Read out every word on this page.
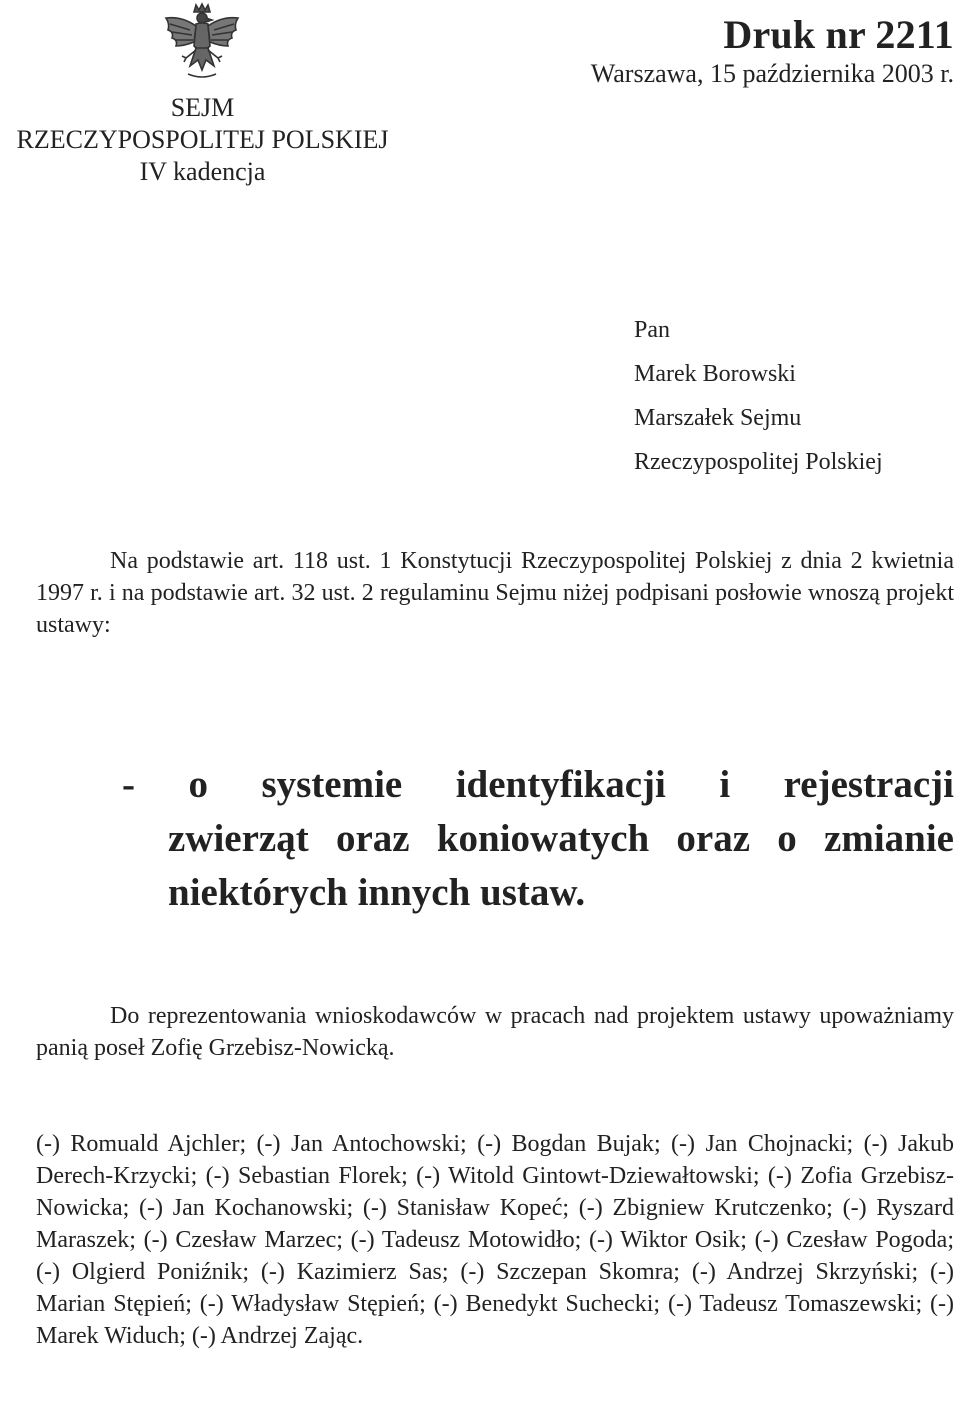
SEJM
RZECZYPOSPOLITEJ POLSKIEJ
IV kadencja
Druk nr 2211
Warszawa, 15 października 2003 r.
Pan
Marek Borowski
Marszałek Sejmu
Rzeczypospolitej Polskiej
Na podstawie art. 118 ust. 1 Konstytucji Rzeczypospolitej Polskiej z dnia 2 kwietnia 1997 r. i na podstawie art. 32 ust. 2 regulaminu Sejmu niżej podpisani posłowie wnoszą projekt ustawy:
- o systemie identyfikacji i rejestracji
zwierząt oraz koniowatych oraz o zmianie niektórych innych ustaw.
Do reprezentowania wnioskodawców w pracach nad projektem ustawy upoważniamy panią poseł Zofię Grzebisz-Nowicką.
(-) Romuald Ajchler; (-) Jan Antochowski; (-) Bogdan Bujak; (-) Jan Chojnacki; (-) Jakub Derech-Krzycki; (-) Sebastian Florek; (-) Witold Gintowt-Dziewałtowski; (-) Zofia Grzebisz-Nowicka; (-) Jan Kochanowski; (-) Stanisław Kopeć; (-) Zbigniew Krutczenko; (-) Ryszard Maraszek; (-) Czesław Marzec; (-) Tadeusz Motowidło; (-) Wiktor Osik; (-) Czesław Pogoda; (-) Olgierd Poniźnik; (-) Kazimierz Sas; (-) Szczepan Skomra; (-) Andrzej Skrzyński; (-) Marian Stępień; (-) Władysław Stępień; (-) Benedykt Suchecki; (-) Tadeusz Tomaszewski; (-) Marek Widuch; (-) Andrzej Zając.
